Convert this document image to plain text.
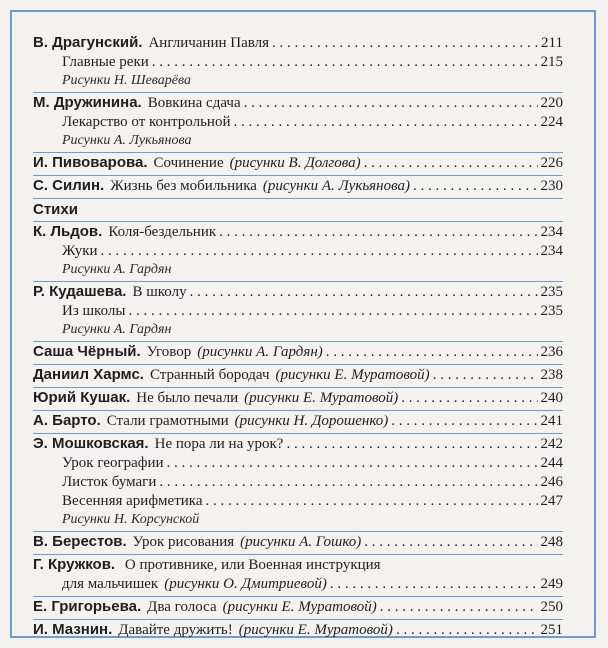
В. Драгунский. Англичанин Павля . . .	211
Главные реки . . .	215
Рисунки Н. Шеварёва
М. Дружинина. Вовкина сдача . . .	220
Лекарство от контрольной . . .	224
Рисунки А. Лукьянова
И. Пивоварова. Сочинение (рисунки В. Долгова) . . .	226
С. Силин. Жизнь без мобильника (рисунки А. Лукьянова) . . .	230
Стихи
К. Льдов. Коля-бездельник . . .	234
Жуки . . .	234
Рисунки А. Гардян
Р. Кудашева. В школу . . .	235
Из школы . . .	235
Рисунки А. Гардян
Саша Чёрный. Уговор (рисунки А. Гардян) . . .	236
Даниил Хармс. Странный бородач (рисунки Е. Муратовой) . . .	238
Юрий Кушак. Не было печали (рисунки Е. Муратовой) . . .	240
А. Барто. Стали грамотными (рисунки Н. Дорошенко) . . .	241
Э. Мошковская. Не пора ли на урок? . . .	242
Урок географии . . .	244
Листок бумаги . . .	246
Весенняя арифметика . . .	247
Рисунки Н. Корсунской
В. Берестов. Урок рисования (рисунки А. Гошко) . . .	248
Г. Кружков. О противнике, или Военная инструкция
для мальчишек (рисунки О. Дмитриевой) . . .	249
Е. Григорьева. Два голоса (рисунки Е. Муратовой) . . .	250
И. Мазнин. Давайте дружить! (рисунки Е. Муратовой) . . .	251
